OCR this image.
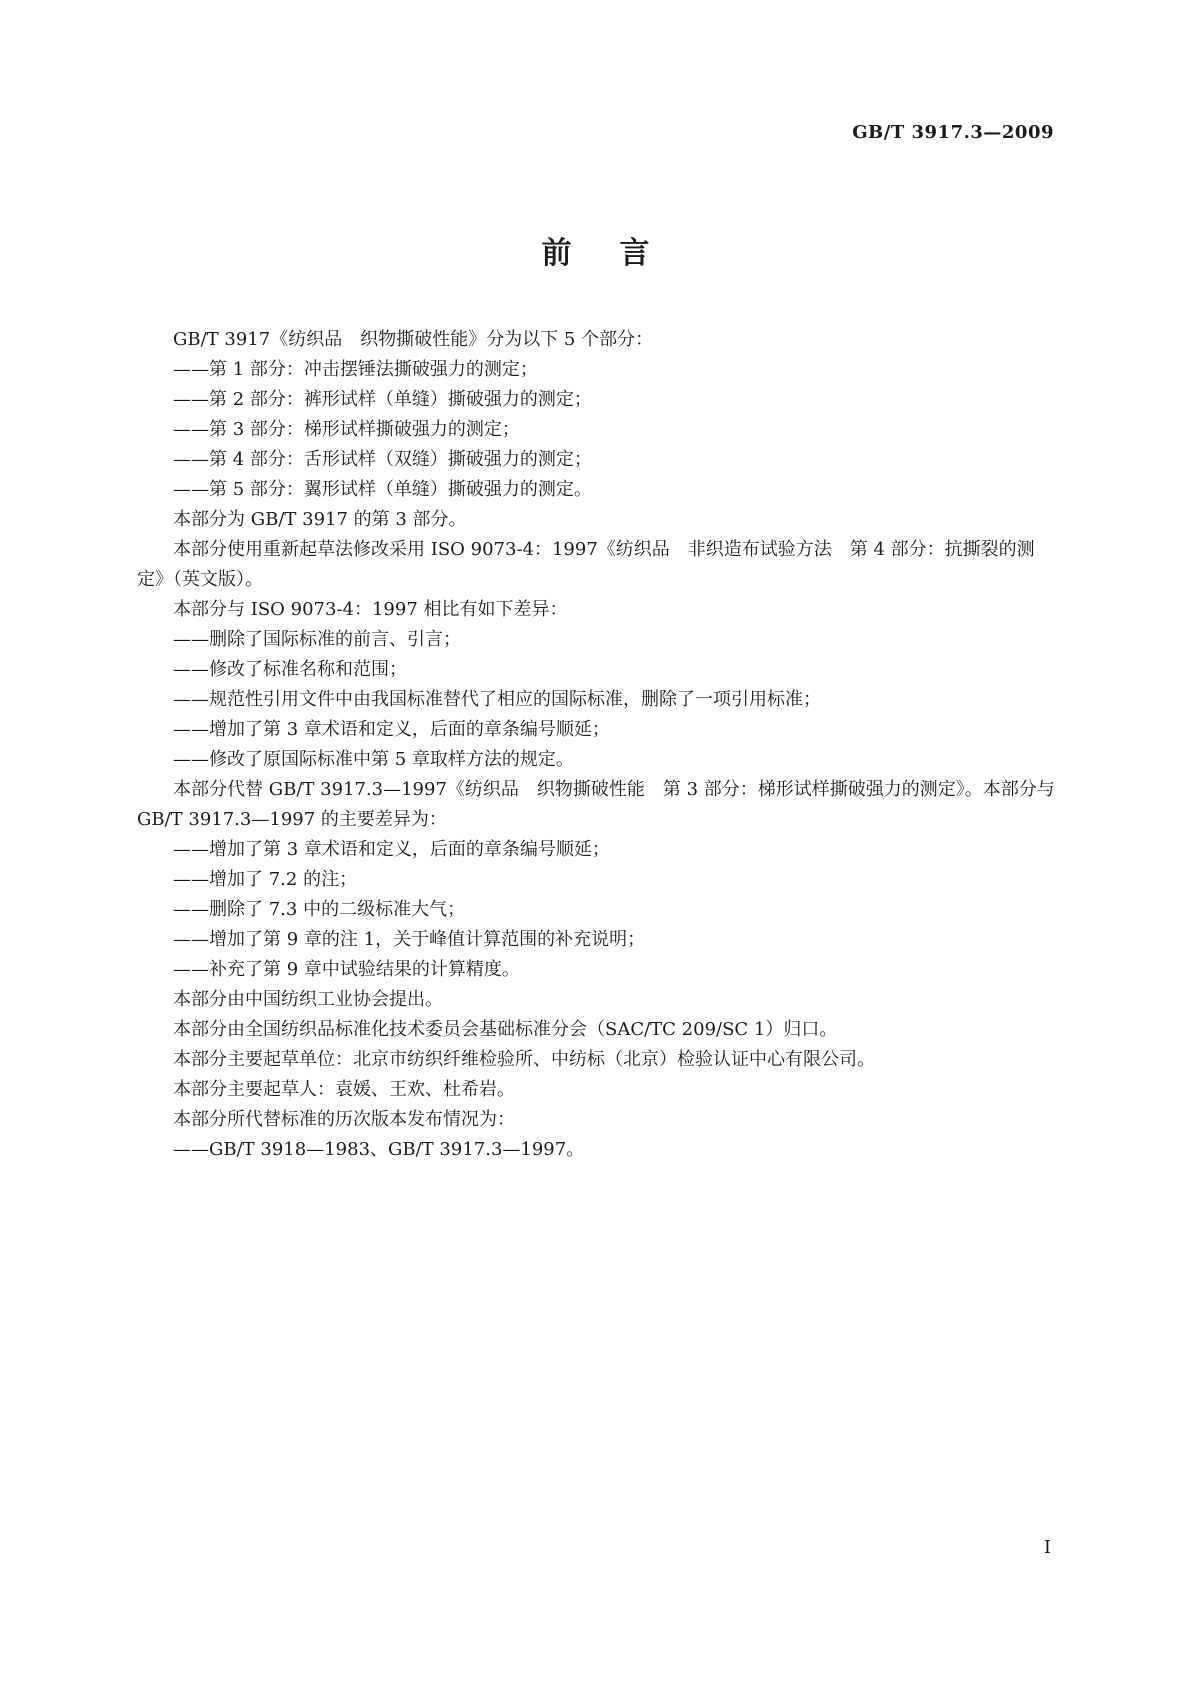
GB/T 3917.3—2009
前言

GB/T 3917《纺织品　织物撕破性能》分为以下 5 个部分：

——第 1 部分：冲击摆锤法撕破强力的测定；

——第 2 部分：裤形试样（单缝）撕破强力的测定；

——第 3 部分：梯形试样撕破强力的测定；

——第 4 部分：舌形试样（双缝）撕破强力的测定；

——第 5 部分：翼形试样（单缝）撕破强力的测定。

本部分为 GB/T 3917 的第 3 部分。

本部分使用重新起草法修改采用 ISO 9073-4：1997《纺织品　非织造布试验方法　第 4 部分：抗撕裂的测定》（英文版）。

本部分与 ISO 9073-4：1997 相比有如下差异：

——删除了国际标准的前言、引言；

——修改了标准名称和范围；

——规范性引用文件中由我国标准替代了相应的国际标准，删除了一项引用标准；

——增加了第 3 章术语和定义，后面的章条编号顺延；

——修改了原国际标准中第 5 章取样方法的规定。

本部分代替 GB/T 3917.3—1997《纺织品　织物撕破性能　第 3 部分：梯形试样撕破强力的测定》。本部分与 GB/T 3917.3—1997 的主要差异为：

——增加了第 3 章术语和定义，后面的章条编号顺延；

——增加了 7.2 的注；

——删除了 7.3 中的二级标准大气；

——增加了第 9 章的注 1，关于峰值计算范围的补充说明；

——补充了第 9 章中试验结果的计算精度。

本部分由中国纺织工业协会提出。

本部分由全国纺织品标准化技术委员会基础标准分会（SAC/TC 209/SC 1）归口。

本部分主要起草单位：北京市纺织纤维检验所、中纺标（北京）检验认证中心有限公司。

本部分主要起草人：袁媛、王欢、杜希岩。

本部分所代替标准的历次版本发布情况为：

——GB/T 3918—1983、GB/T 3917.3—1997。

I
